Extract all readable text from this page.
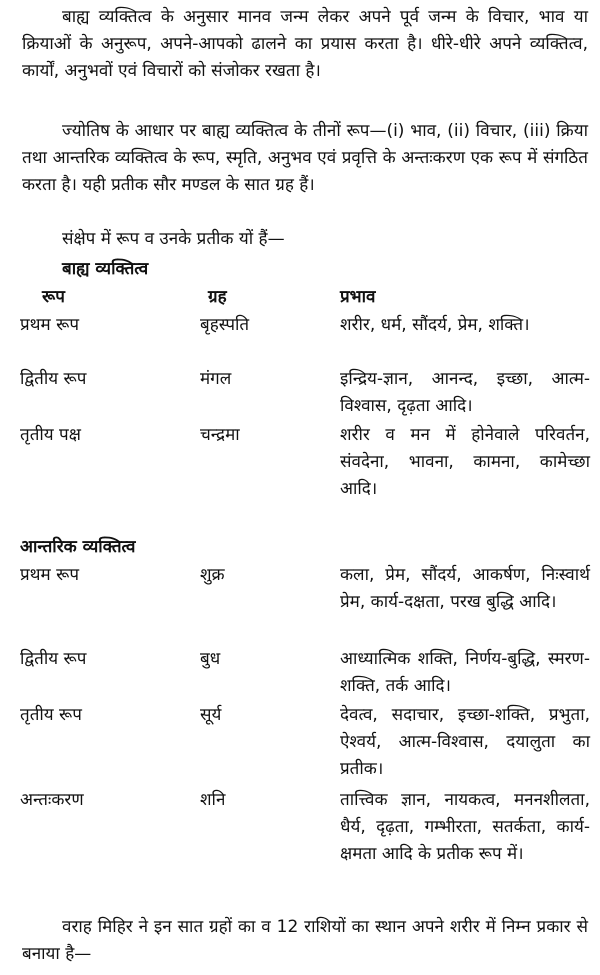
बाह्य व्यक्तित्व के अनुसार मानव जन्म लेकर अपने पूर्व जन्म के विचार, भाव या क्रियाओं के अनुरूप, अपने-आपको ढालने का प्रयास करता है। धीरे-धीरे अपने व्यक्तित्व, कार्यों, अनुभवों एवं विचारों को संजोकर रखता है।
ज्योतिष के आधार पर बाह्य व्यक्तित्व के तीनों रूप—(i) भाव, (ii) विचार, (iii) क्रिया तथा आन्तरिक व्यक्तित्व के रूप, स्मृति, अनुभव एवं प्रवृत्ति के अन्तःकरण एक रूप में संगठित करता है। यही प्रतीक सौर मण्डल के सात ग्रह हैं।
संक्षेप में रूप व उनके प्रतीक यों हैं—
बाह्य व्यक्तित्व
रूप	ग्रह	प्रभाव
प्रथम रूप	बृहस्पति	शरीर, धर्म, सौंदर्य, प्रेम, शक्ति।
द्वितीय रूप	मंगल	इन्द्रिय-ज्ञान, आनन्द, इच्छा, आत्म- विश्वास, दृढ़ता आदि।
तृतीय पक्ष	चन्द्रमा	शरीर व मन में होनेवाले परिवर्तन, संवदेना, भावना, कामना, कामेच्छा आदि।
आन्तरिक व्यक्तित्व
प्रथम रूप	शुक्र	कला, प्रेम, सौंदर्य, आकर्षण, निःस्वार्थ प्रेम, कार्य-दक्षता, परख बुद्धि आदि।
द्वितीय रूप	बुध	आध्यात्मिक शक्ति, निर्णय-बुद्धि, स्मरण-शक्ति, तर्क आदि।
तृतीय रूप	सूर्य	देवत्व, सदाचार, इच्छा-शक्ति, प्रभुता, ऐश्वर्य, आत्म-विश्वास, दयालुता का प्रतीक।
अन्तःकरण	शनि	तात्त्विक ज्ञान, नायकत्व, मननशीलता, धैर्य, दृढ़ता, गम्भीरता, सतर्कता, कार्य-क्षमता आदि के प्रतीक रूप में।
वराह मिहिर ने इन सात ग्रहों का व 12 राशियों का स्थान अपने शरीर में निम्न प्रकार से बनाया है—
